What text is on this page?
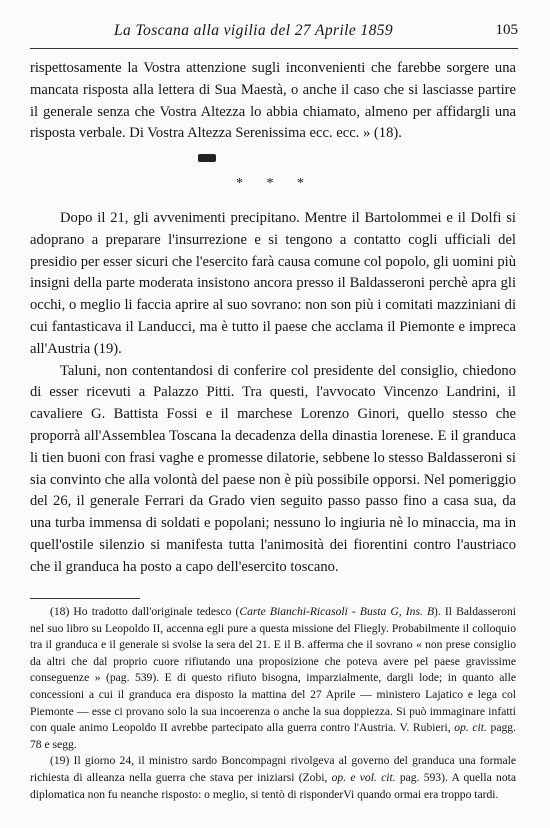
La Toscana alla vigilia del 27 Aprile 1859	105

rispettosamente la Vostra attenzione sugli inconvenienti che farebbe sorgere una mancata risposta alla lettera di Sua Maestà, o anche il caso che si lasciasse partire il generale senza che Vostra Altezza lo abbia chiamato, almeno per affidargli una risposta verbale. Di Vostra Altezza Serenissima ecc. ecc. » (18).

* * *

Dopo il 21, gli avvenimenti precipitano. Mentre il Bartolommei e il Dolfi si adoprano a preparare l'insurrezione e si tengono a contatto cogli ufficiali del presidio per esser sicuri che l'esercito farà causa comune col popolo, gli uomini più insigni della parte moderata insistono ancora presso il Baldasseroni perchè apra gli occhi, o meglio li faccia aprire al suo sovrano: non son più i comitati mazziniani di cui fantasticava il Landucci, ma è tutto il paese che acclama il Piemonte e impreca all'Austria (19).

Taluni, non contentandosi di conferire col presidente del consiglio, chiedono di esser ricevuti a Palazzo Pitti. Tra questi, l'avvocato Vincenzo Landrini, il cavaliere G. Battista Fossi e il marchese Lorenzo Ginori, quello stesso che proporrà all'Assemblea Toscana la decadenza della dinastia lorenese. E il granduca li tien buoni con frasi vaghe e promesse dilatorie, sebbene lo stesso Baldasseroni si sia convinto che alla volontà del paese non è più possibile opporsi. Nel pomeriggio del 26, il generale Ferrari da Grado vien seguito passo passo fino a casa sua, da una turba immensa di soldati e popolani; nessuno lo ingiuria nè lo minaccia, ma in quell'ostile silenzio si manifesta tutta l'animosità dei fiorentini contro l'austriaco che il granduca ha posto a capo dell'esercito toscano.

(18) Ho tradotto dall'originale tedesco (Carte Bianchi-Ricasoli - Busta G, Ins. B). Il Baldasseroni nel suo libro su Leopoldo II, accenna egli pure a questa missione del Fliegly. Probabilmente il colloquio tra il granduca e il generale si svolse la sera del 21. E il B. afferma che il sovrano « non prese consiglio da altri che dal proprio cuore rifiutando una proposizione che poteva avere pel paese gravissime conseguenze » (pag. 539). E di questo rifiuto bisogna, imparzialmente, dargli lode; in quanto alle concessioni a cui il granduca era disposto la mattina del 27 Aprile — ministero Lajatico e lega col Piemonte — esse ci provano solo la sua incoerenza o anche la sua doppiezza. Si può immaginare infatti con quale animo Leopoldo II avrebbe partecipato alla guerra contro l'Austria. V. Rubieri, op. cit. pagg. 78 e segg.

(19) Il giorno 24, il ministro sardo Boncompagni rivolgeva al governo del granduca una formale richiesta di alleanza nella guerra che stava per iniziarsi (Zobi, op. e vol. cit. pag. 593). A quella nota diplomatica non fu neanche risposto: o meglio, si tentò di risponderVi quando ormai era troppo tardi.
